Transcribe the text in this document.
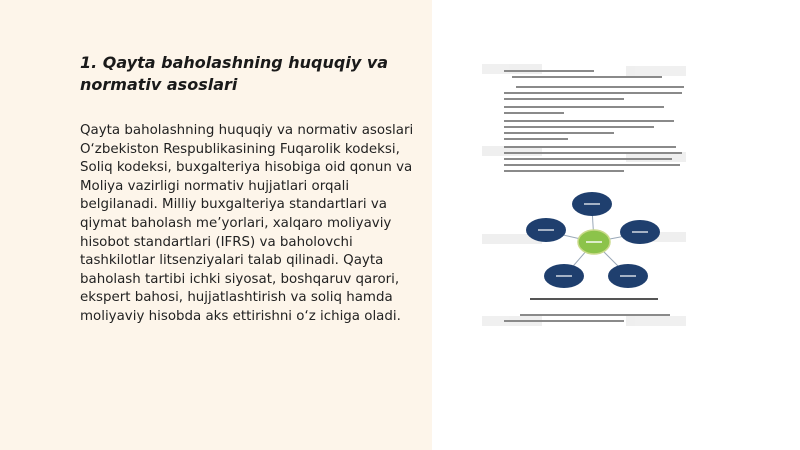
1. Qayta baholashning huquqiy va normativ asoslari

Qayta baholashning huquqiy va normativ asoslari O‘zbekiston Respublikasining Fuqarolik kodeksi, Soliq kodeksi, buxgalteriya hisobiga oid qonun va Moliya vazirligi normativ hujjatlari orqali belgilanadi. Milliy buxgalteriya standartlari va qiymat baholash me’yorlari, xalqaro moliyaviy hisobot standartlari (IFRS) va baholovchi tashkilotlar litsenziyalari talab qilinadi. Qayta baholash tartibi ichki siyosat, boshqaruv qarori, ekspert bahosi, hujjatlashtirish va soliq hamda moliyaviy hisobda aks ettirishni o‘z ichiga oladi.
